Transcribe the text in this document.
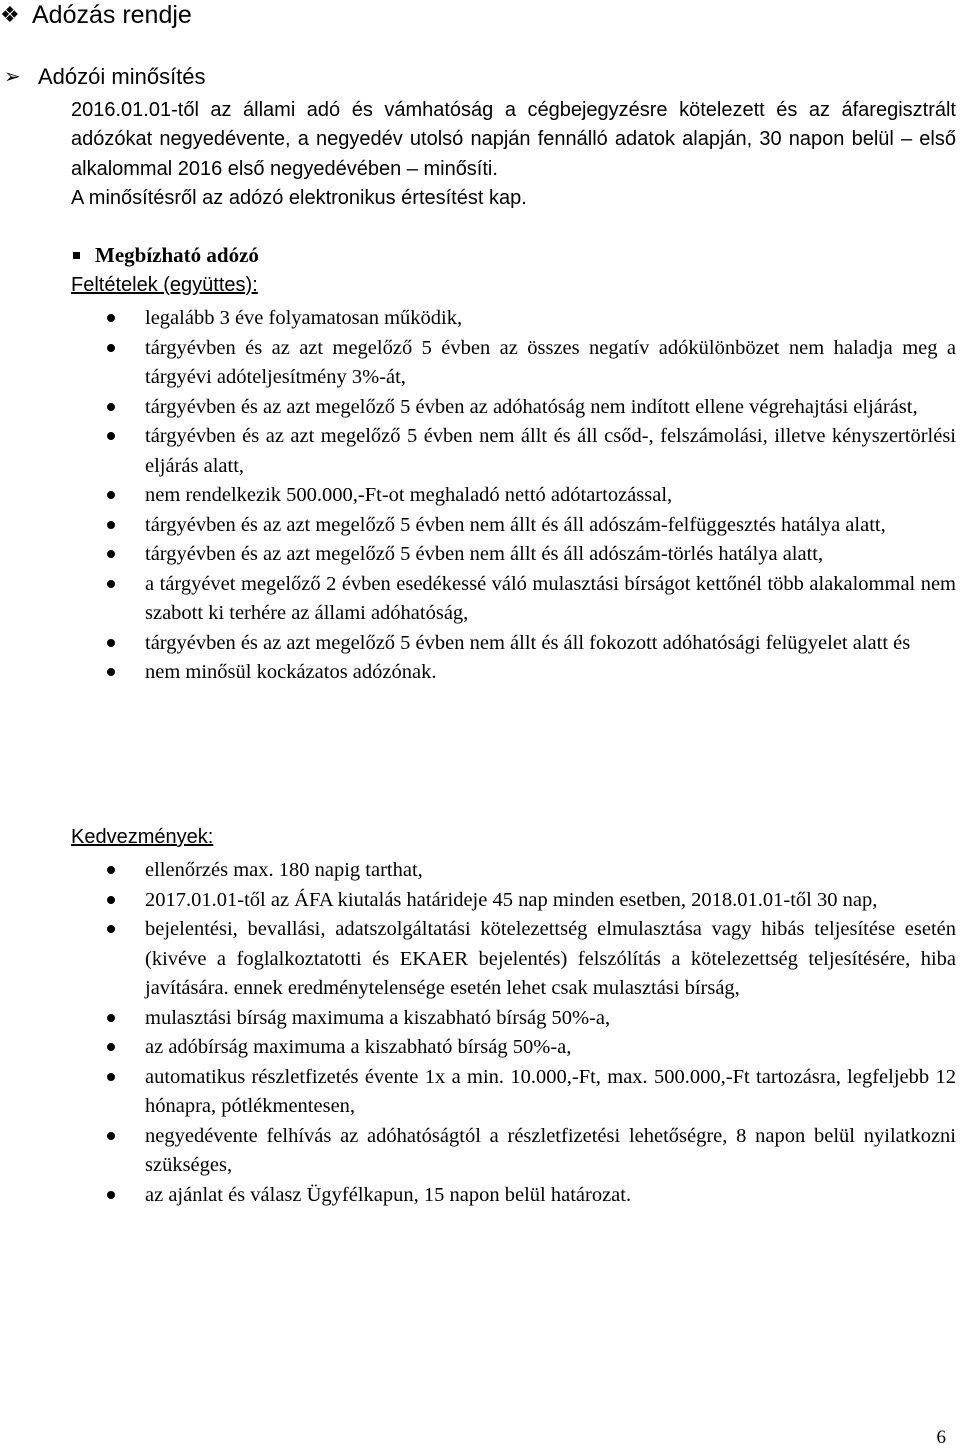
❖ Adózás rendje
➢ Adózói minősítés

2016.01.01-től az állami adó és vámhatóság a cégbejegyzésre kötelezett és az áfaregisztrált adózókat negyedévente, a negyedév utolsó napján fennálló adatok alapján, 30 napon belül – első alkalommal 2016 első negyedévében – minősíti.

A minősítésről az adózó elektronikus értesítést kap.

Megbízható adózó

Feltételek (együttes):

legalább 3 éve folyamatosan működik,
tárgyévben és az azt megelőző 5 évben az összes negatív adókülönbözet nem haladja meg a tárgyévi adóteljesítmény 3%-át,
tárgyévben és az azt megelőző 5 évben az adóhatóság nem indított ellene végrehajtási eljárást,
tárgyévben és az azt megelőző 5 évben nem állt és áll csőd-, felszámolási, illetve kényszertörlési eljárás alatt,
nem rendelkezik 500.000,-Ft-ot meghaladó nettó adótartozással,
tárgyévben és az azt megelőző 5 évben nem állt és áll adószám-felfüggesztés hatálya alatt,
tárgyévben és az azt megelőző 5 évben nem állt és áll adószám-törlés hatálya alatt,
a tárgyévet megelőző 2 évben esedékessé váló mulasztási bírságot kettőnél több alakalommal nem szabott ki terhére az állami adóhatóság,
tárgyévben és az azt megelőző 5 évben nem állt és áll fokozott adóhatósági felügyelet alatt és
nem minősül kockázatos adózónak.

Kedvezmények:

ellenőrzés max. 180 napig tarthat,
2017.01.01-től az ÁFA kiutalás határideje 45 nap minden esetben, 2018.01.01-től 30 nap,
bejelentési, bevallási, adatszolgáltatási kötelezettség elmulasztása vagy hibás teljesítése esetén (kivéve a foglalkoztatotti és EKAER bejelentés) felszólítás a kötelezettség teljesítésére, hiba javítására. ennek eredménytelensége esetén lehet csak mulasztási bírság,
mulasztási bírság maximuma a kiszabható bírság 50%-a,
az adóbírság maximuma a kiszabható bírság 50%-a,
automatikus részletfizetés évente 1x a min. 10.000,-Ft, max. 500.000,-Ft tartozásra, legfeljebb 12 hónapra, pótlékmentesen,
negyedévente felhívás az adóhatóságtól a részletfizetési lehetőségre, 8 napon belül nyilatkozni szükséges,
az ajánlat és válasz Ügyfélkapun, 15 napon belül határozat.
6
